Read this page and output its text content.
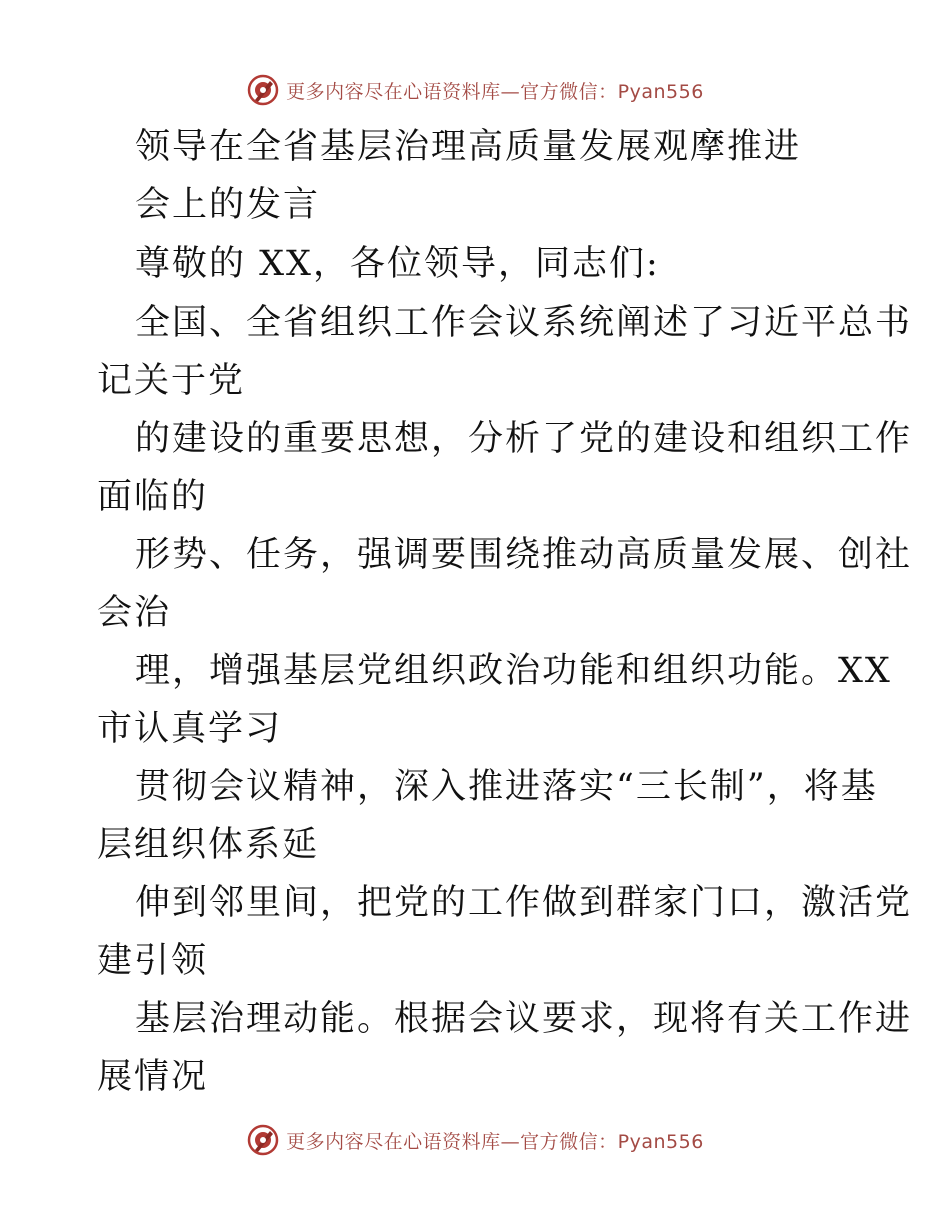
更多内容尽在心语资料库—官方微信：Pyan556
领导在全省基层治理高质量发展观摩推进
会上的发言
尊敬的 XX，各位领导，同志们:
全国、全省组织工作会议系统阐述了习近平总书
记关于党
的建设的重要思想，分析了党的建设和组织工作
面临的
形势、任务，强调要围绕推动高质量发展、创社
会治
理，增强基层党组织政治功能和组织功能。XX
市认真学习
贯彻会议精神，深入推进落实“三长制”，将基
层组织体系延
伸到邻里间，把党的工作做到群家门口，激活党
建引领
基层治理动能。根据会议要求，现将有关工作进
展情况
更多内容尽在心语资料库—官方微信：Pyan556
